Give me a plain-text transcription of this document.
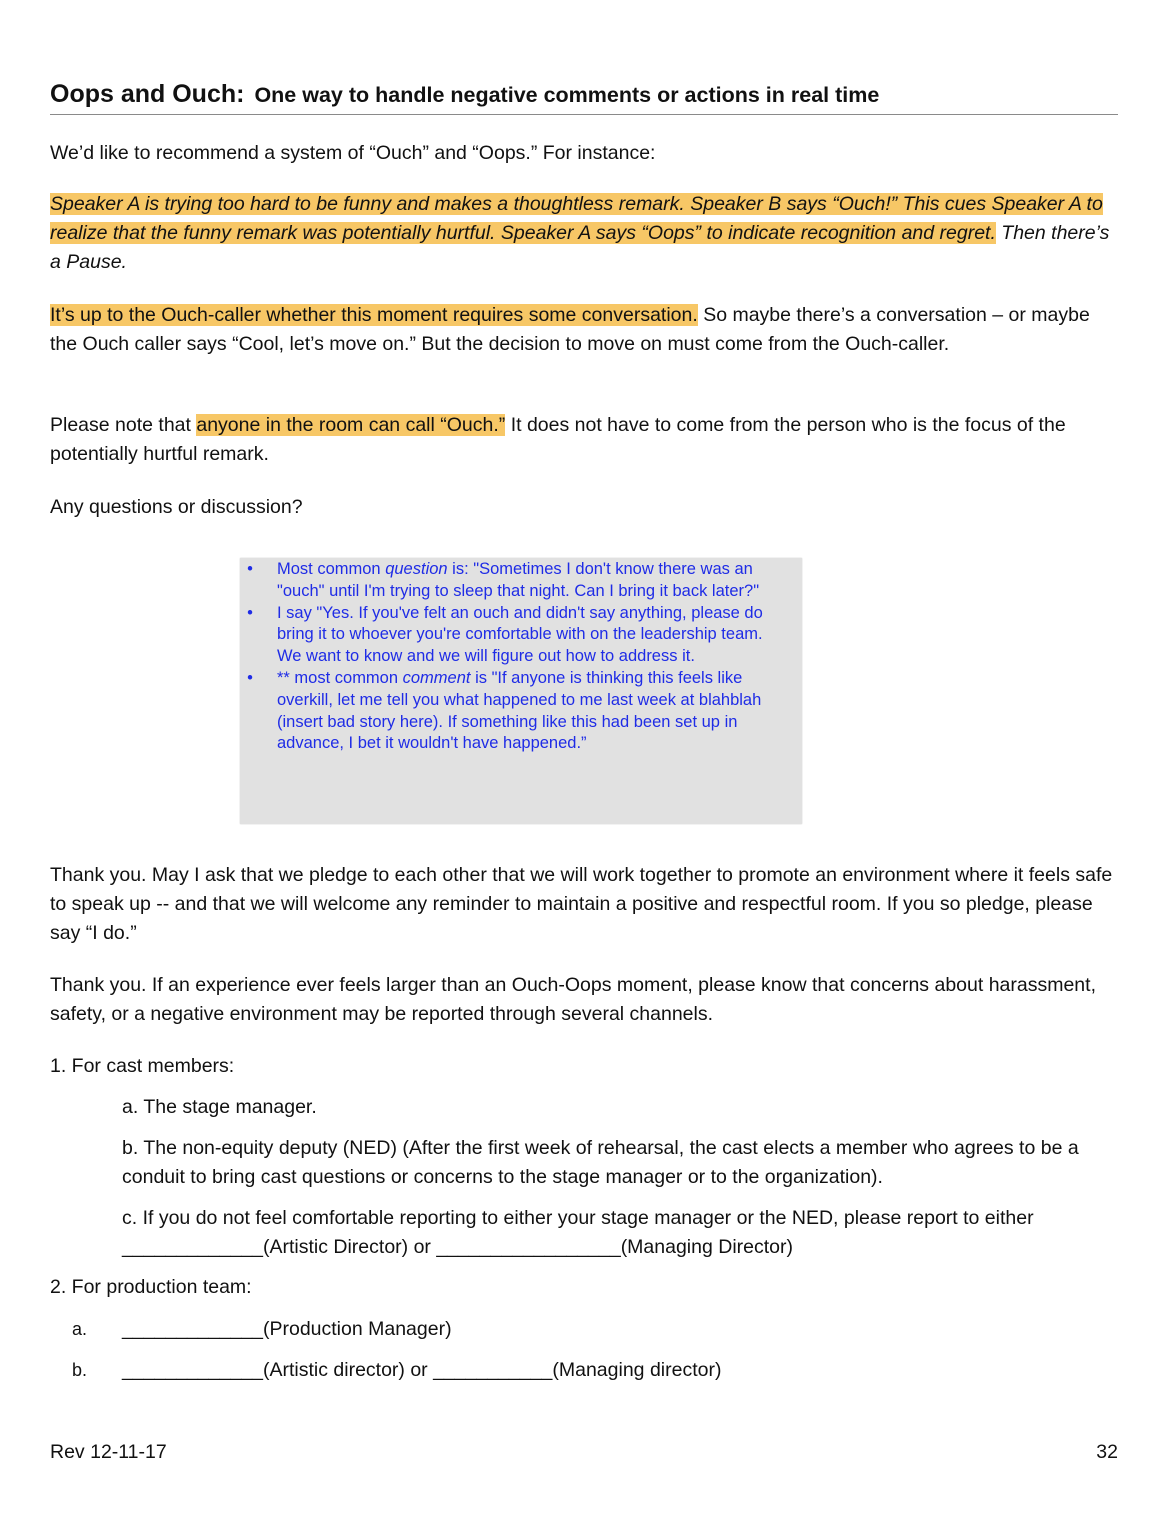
Oops and Ouch: One way to handle negative comments or actions in real time
We’d like to recommend a system of “Ouch” and “Oops.” For instance:
Speaker A is trying too hard to be funny and makes a thoughtless remark. Speaker B says “Ouch!” This cues Speaker A to realize that the funny remark was potentially hurtful. Speaker A says “Oops” to indicate recognition and regret. Then there’s a Pause.
It’s up to the Ouch-caller whether this moment requires some conversation. So maybe there’s a conversation – or maybe the Ouch caller says “Cool, let’s move on.” But the decision to move on must come from the Ouch-caller.
Please note that anyone in the room can call “Ouch.” It does not have to come from the person who is the focus of the potentially hurtful remark.
Any questions or discussion?
•	Most common question is: "Sometimes I don't know there was an "ouch" until I'm trying to sleep that night. Can I bring it back later?"
•	I say "Yes. If you've felt an ouch and didn't say anything, please do bring it to whoever you're comfortable with on the leadership team. We want to know and we will figure out how to address it.
•	** most common comment is "If anyone is thinking this feels like overkill, let me tell you what happened to me last week at blahblah (insert bad story here). If something like this had been set up in advance, I bet it wouldn't have happened.”
Thank you. May I ask that we pledge to each other that we will work together to promote an environment where it feels safe to speak up -- and that we will welcome any reminder to maintain a positive and respectful room. If you so pledge, please say “I do.”
Thank you. If an experience ever feels larger than an Ouch-Oops moment, please know that concerns about harassment, safety, or a negative environment may be reported through several channels.
1. For cast members:
a. The stage manager.
b. The non-equity deputy (NED) (After the first week of rehearsal, the cast elects a member who agrees to be a conduit to bring cast questions or concerns to the stage manager or to the organization).
c. If you do not feel comfortable reporting to either your stage manager or the NED, please report to either _____________(Artistic Director) or _________________(Managing Director)
2. For production team:
a. _____________(Production Manager)
b. _____________(Artistic director) or ___________(Managing director)
Rev 12-11-17	32
